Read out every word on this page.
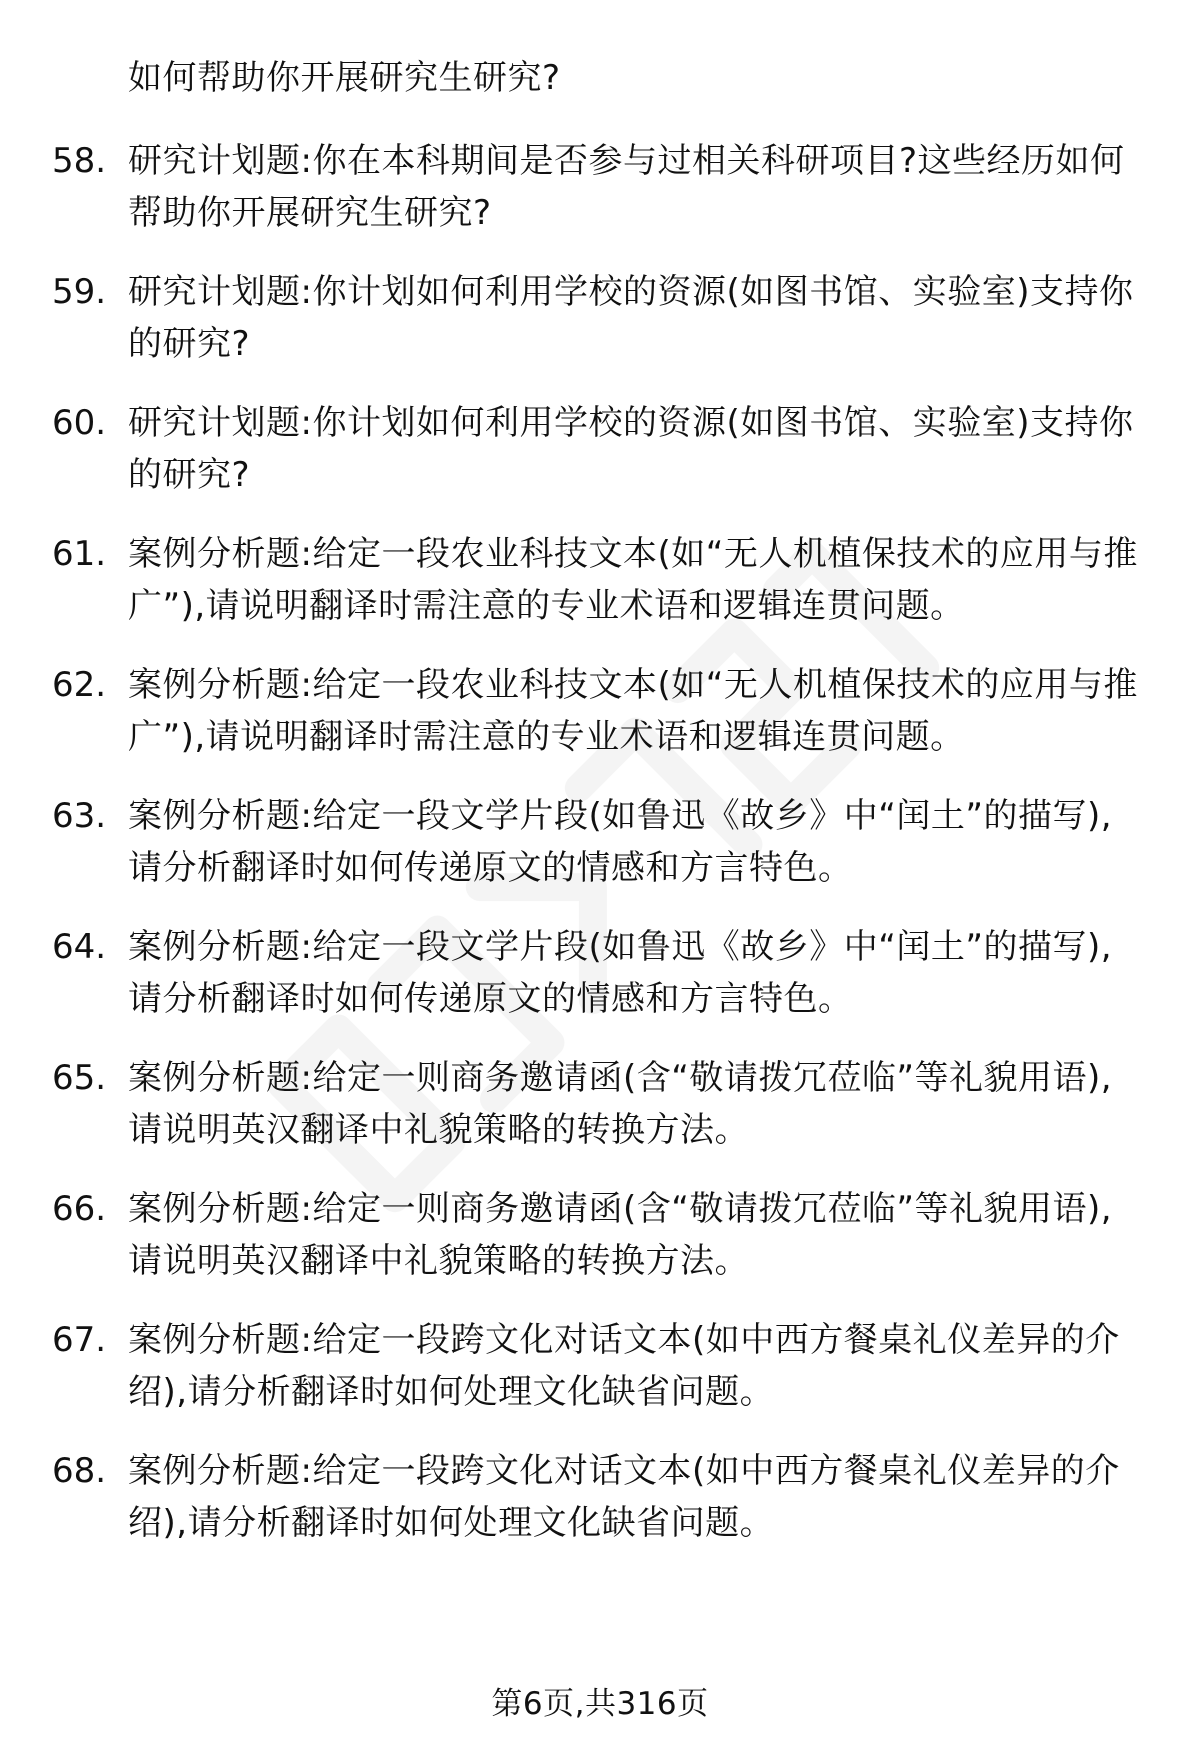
如何帮助你开展研究生研究?
58. 研究计划题:你在本科期间是否参与过相关科研项目?这些经历如何帮助你开展研究生研究?
59. 研究计划题:你计划如何利用学校的资源(如图书馆、实验室)支持你的研究?
60. 研究计划题:你计划如何利用学校的资源(如图书馆、实验室)支持你的研究?
61. 案例分析题:给定一段农业科技文本(如“无人机植保技术的应用与推广”),请说明翻译时需注意的专业术语和逻辑连贯问题。
62. 案例分析题:给定一段农业科技文本(如“无人机植保技术的应用与推广”),请说明翻译时需注意的专业术语和逻辑连贯问题。
63. 案例分析题:给定一段文学片段(如鲁迅《故乡》中“闰土”的描写),请分析翻译时如何传递原文的情感和方言特色。
64. 案例分析题:给定一段文学片段(如鲁迅《故乡》中“闰土”的描写),请分析翻译时如何传递原文的情感和方言特色。
65. 案例分析题:给定一则商务邀请函(含“敬请拨冗莅临”等礼貌用语),请说明英汉翻译中礼貌策略的转换方法。
66. 案例分析题:给定一则商务邀请函(含“敬请拨冗莅临”等礼貌用语),请说明英汉翻译中礼貌策略的转换方法。
67. 案例分析题:给定一段跨文化对话文本(如中西方餐桌礼仪差异的介绍),请分析翻译时如何处理文化缺省问题。
68. 案例分析题:给定一段跨文化对话文本(如中西方餐桌礼仪差异的介绍),请分析翻译时如何处理文化缺省问题。
第6页,共316页
